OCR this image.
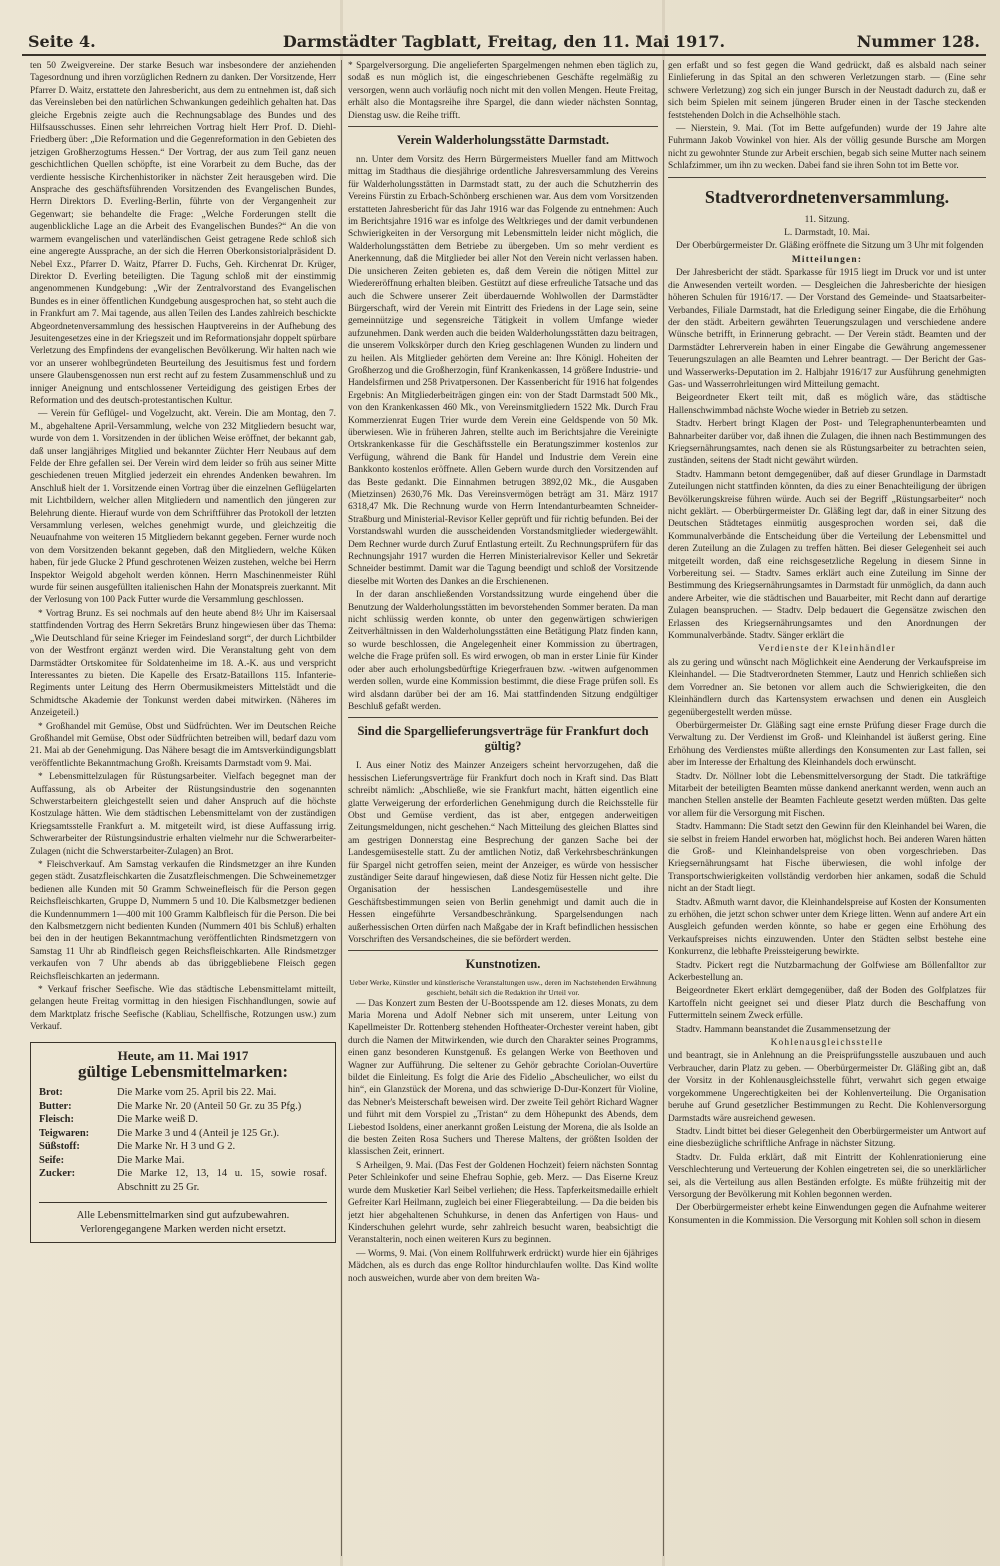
Seite 4.	Darmstädter Tagblatt, Freitag, den 11. Mai 1917.	Nummer 128.

ten 50 Zweigvereine. Der starke Besuch war insbesondere der anziehenden Tagesordnung und ihren vorzüglichen Rednern zu danken. Der Vorsitzende, Herr Pfarrer D. Waitz, erstattete den Jahresbericht, aus dem zu entnehmen ist, daß sich das Vereinsleben bei den natürlichen Schwankungen gedeihlich gehalten hat. Das gleiche Ergebnis zeigte auch die Rechnungsablage des Bundes und des Hilfsausschusses. Einen sehr lehrreichen Vortrag hielt Herr Prof. D. Diehl-Friedberg über: „Die Reformation und die Gegenreformation in den Gebieten des jetzigen Großherzogtums Hessen.“ Der Vortrag, der aus zum Teil ganz neuen geschichtlichen Quellen schöpfte, ist eine Vorarbeit zu dem Buche, das der verdiente hessische Kirchenhistoriker in nächster Zeit herausgeben wird. Die Ansprache des geschäftsführenden Vorsitzenden des Evangelischen Bundes, Herrn Direktors D. Everling-Berlin, führte von der Vergangenheit zur Gegenwart; sie behandelte die Frage: „Welche Forderungen stellt die augenblickliche Lage an die Arbeit des Evangelischen Bundes?“ An die von warmem evangelischen und vaterländischen Geist getragene Rede schloß sich eine angeregte Aussprache, an der sich die Herren Oberkonsistorialpräsident D. Nebel Exz., Pfarrer D. Waitz, Pfarrer D. Fuchs, Geh. Kirchenrat Dr. Krüger, Direktor D. Everling beteiligten. Die Tagung schloß mit der einstimmig angenommenen Kundgebung: „Wir der Zentralvorstand des Evangelischen Bundes es in einer öffentlichen Kundgebung ausgesprochen hat, so steht auch die in Frankfurt am 7. Mai tagende, aus allen Teilen des Landes zahlreich beschickte Abgeordnetenversammlung des hessischen Hauptvereins in der Aufhebung des Jesuitengesetzes eine in der Kriegszeit und im Reformationsjahr doppelt spürbare Verletzung des Empfindens der evangelischen Bevölkerung. Wir halten nach wie vor an unserer wohlbegründeten Beurteilung des Jesuitismus fest und fordern unsere Glaubensgenossen nun erst recht auf zu festem Zusammenschluß und zu inniger Aneignung und entschlossener Verteidigung des geistigen Erbes der Reformation und des deutsch-protestantischen Kultur.

— Verein für Geflügel- und Vogelzucht, akt. Verein. Die am Montag, den 7. M., abgehaltene April-Versammlung, welche von 232 Mitgliedern besucht war, wurde von dem 1. Vorsitzenden in der üblichen Weise eröffnet, der bekannt gab, daß unser langjähriges Mitglied und bekannter Züchter Herr Neubaus auf dem Felde der Ehre gefallen sei. Der Verein wird dem leider so früh aus seiner Mitte geschiedenen treuen Mitglied jederzeit ein ehrendes Andenken bewahren. Im Anschluß hielt der 1. Vorsitzende einen Vortrag über die einzelnen Geflügelarten mit Lichtbildern, welcher allen Mitgliedern und namentlich den jüngeren zur Belehrung diente. Hierauf wurde von dem Schriftführer das Protokoll der letzten Versammlung verlesen, welches genehmigt wurde, und gleichzeitig die Neuaufnahme von weiteren 15 Mitgliedern bekannt gegeben. Ferner wurde noch von dem Vorsitzenden bekannt gegeben, daß den Mitgliedern, welche Küken haben, für jede Glucke 2 Pfund geschrotenen Weizen zustehen, welche bei Herrn Inspektor Weigold abgeholt werden können. Herrn Maschinenmeister Rühl wurde für seinen ausgefüllten italienischen Hahn der Monatspreis zuerkannt. Mit der Verlosung von 100 Pack Futter wurde die Versammlung geschlossen.

* Vortrag Brunz. Es sei nochmals auf den heute abend 8½ Uhr im Kaisersaal stattfindenden Vortrag des Herrn Sekretärs Brunz hingewiesen über das Thema: „Wie Deutschland für seine Krieger im Feindesland sorgt“, der durch Lichtbilder von der Westfront ergänzt werden wird. Die Veranstaltung geht von dem Darmstädter Ortskomitee für Soldatenheime im 18. A.-K. aus und verspricht Interessantes zu bieten. Die Kapelle des Ersatz-Bataillons 115. Infanterie-Regiments unter Leitung des Herrn Obermusikmeisters Mittelstädt und die Schmidtsche Akademie der Tonkunst werden dabei mitwirken. (Näheres im Anzeigeteil.)

* Großhandel mit Gemüse, Obst und Südfrüchten. Wer im Deutschen Reiche Großhandel mit Gemüse, Obst oder Südfrüchten betreiben will, bedarf dazu vom 21. Mai ab der Genehmigung. Das Nähere besagt die im Amtsverkündigungsblatt veröffentlichte Bekanntmachung Großh. Kreisamts Darmstadt vom 9. Mai.

* Lebensmittelzulagen für Rüstungsarbeiter. Vielfach begegnet man der Auffassung, als ob Arbeiter der Rüstungsindustrie den sogenannten Schwerstarbeitern gleichgestellt seien und daher Anspruch auf die höchste Kostzulage hätten. Wie dem städtischen Lebensmittelamt von der zuständigen Kriegsamtsstelle Frankfurt a. M. mitgeteilt wird, ist diese Auffassung irrig. Schwerarbeiter der Rüstungsindustrie erhalten vielmehr nur die Schwerarbeiter-Zulagen (nicht die Schwerstarbeiter-Zulagen) an Brot.

* Fleischverkauf. Am Samstag verkaufen die Rindsmetzger an ihre Kunden gegen städt. Zusatzfleischkarten die Zusatzfleischmengen. Die Schweinemetzger bedienen alle Kunden mit 50 Gramm Schweinefleisch für die Person gegen Reichsfleischkarten, Gruppe D, Nummern 5 und 10. Die Kalbsmetzger bedienen die Kundennummern 1—400 mit 100 Gramm Kalbfleisch für die Person. Die bei den Kalbsmetzgern nicht bedienten Kunden (Nummern 401 bis Schluß) erhalten bei den in der heutigen Bekanntmachung veröffentlichten Rindsmetzgern von Samstag 11 Uhr ab Rindfleisch gegen Reichsfleischkarten. Alle Rindsmetzger verkaufen von 7 Uhr abends ab das übriggebliebene Fleisch gegen Reichsfleischkarten an jedermann.

* Verkauf frischer Seefische. Wie das städtische Lebensmittelamt mitteilt, gelangen heute Freitag vormittag in den hiesigen Fischhandlungen, sowie auf dem Marktplatz frische Seefische (Kabliau, Schellfische, Rotzungen usw.) zum Verkauf.

Heute, am 11. Mai 1917
gültige Lebensmittelmarken:
Brot:	Die Marke vom 25. April bis 22. Mai.
Butter:	Die Marke Nr. 20 (Anteil 50 Gr. zu 35 Pfg.)
Fleisch:	Die Marke weiß D.
Teigwaren:	Die Marke 3 und 4 (Anteil je 125 Gr.).
Süßstoff:	Die Marke Nr. H 3 und G 2.
Seife:	Die Marke Mai.
Zucker:	Die Marke 12, 13, 14 u. 15, sowie rosaf. Abschnitt zu 25 Gr.
Alle Lebensmittelmarken sind gut aufzubewahren. Verlorengegangene Marken werden nicht ersetzt.

* Spargelversorgung. Die angelieferten Spargelmengen nehmen eben täglich zu, sodaß es nun möglich ist, die eingeschriebenen Geschäfte regelmäßig zu versorgen, wenn auch vorläufig noch nicht mit den vollen Mengen. Heute Freitag, erhält also die Montagsreihe ihre Spargel, die dann wieder nächsten Sonntag, Dienstag usw. die Reihe trifft.

Verein Walderholungsstätte Darmstadt.

nn. Unter dem Vorsitz des Herrn Bürgermeisters Mueller fand am Mittwoch mittag im Stadthaus die diesjährige ordentliche Jahresversammlung des Vereins für Walderholungsstätten in Darmstadt statt, zu der auch die Schutzherrin des Vereins Fürstin zu Erbach-Schönberg erschienen war. Aus dem vom Vorsitzenden erstatteten Jahresbericht für das Jahr 1916 war das Folgende zu entnehmen: Auch im Berichtsjahre 1916 war es infolge des Weltkrieges und der damit verbundenen Schwierigkeiten in der Versorgung mit Lebensmitteln leider nicht möglich, die Walderholungsstätten dem Betriebe zu übergeben. Um so mehr verdient es Anerkennung, daß die Mitglieder bei aller Not den Verein nicht verlassen haben. Die unsicheren Zeiten gebieten es, daß dem Verein die nötigen Mittel zur Wiedereröffnung erhalten bleiben. Gestützt auf diese erfreuliche Tatsache und das auch die Schwere unserer Zeit überdauernde Wohlwollen der Darmstädter Bürgerschaft, wird der Verein mit Eintritt des Friedens in der Lage sein, seine gemeinnützige und segensreiche Tätigkeit in vollem Umfange wieder aufzunehmen. Dank werden auch die beiden Walderholungsstätten dazu beitragen, die unserem Volkskörper durch den Krieg geschlagenen Wunden zu lindern und zu heilen. Als Mitglieder gehörten dem Vereine an: Ihre Königl. Hoheiten der Großherzog und die Großherzogin, fünf Krankenkassen, 14 größere Industrie- und Handelsfirmen und 258 Privatpersonen. Der Kassenbericht für 1916 hat folgendes Ergebnis: An Mitgliederbeiträgen gingen ein: von der Stadt Darmstadt 500 Mk., von den Krankenkassen 460 Mk., von Vereinsmitgliedern 1522 Mk. Durch Frau Kommerzienrat Eugen Trier wurde dem Verein eine Geldspende von 50 Mk. überwiesen. Wie in früheren Jahren, stellte auch im Berichtsjahre die Vereinigte Ortskrankenkasse für die Geschäftsstelle ein Beratungszimmer kostenlos zur Verfügung, während die Bank für Handel und Industrie dem Verein eine Bankkonto kostenlos eröffnete. Allen Gebern wurde durch den Vorsitzenden auf das Beste gedankt. Die Einnahmen betrugen 3892,02 Mk., die Ausgaben (Mietzinsen) 2630,76 Mk. Das Vereinsvermögen beträgt am 31. März 1917 6318,47 Mk. Die Rechnung wurde von Herrn Intendanturbeamten Schneider-Straßburg und Ministerial-Revisor Keller geprüft und für richtig befunden. Bei der Vorstandswahl wurden die ausscheidenden Vorstandsmitglieder wiedergewählt. Dem Rechner wurde durch Zuruf Entlastung erteilt. Zu Rechnungsprüfern für das Rechnungsjahr 1917 wurden die Herren Ministerialrevisor Keller und Sekretär Schneider bestimmt. Damit war die Tagung beendigt und schloß der Vorsitzende dieselbe mit Worten des Dankes an die Erschienenen.

In der daran anschließenden Vorstandssitzung wurde eingehend über die Benutzung der Walderholungsstätten im bevorstehenden Sommer beraten. Da man nicht schlüssig werden konnte, ob unter den gegenwärtigen schwierigen Zeitverhältnissen in den Walderholungsstätten eine Betätigung Platz finden kann, so wurde beschlossen, die Angelegenheit einer Kommission zu übertragen, welche die Frage prüfen soll. Es wird erwogen, ob man in erster Linie für Kinder oder aber auch erholungsbedürftige Kriegerfrauen bzw. -witwen aufgenommen werden sollen, wurde eine Kommission bestimmt, die diese Frage prüfen soll. Es wird alsdann darüber bei der am 16. Mai stattfindenden Sitzung endgültiger Beschluß gefaßt werden.

Sind die Spargellieferungsverträge für Frankfurt doch gültig?

I. Aus einer Notiz des Mainzer Anzeigers scheint hervorzugehen, daß die hessischen Lieferungsverträge für Frankfurt doch noch in Kraft sind. Das Blatt schreibt nämlich: „Abschließe, wie sie Frankfurt macht, hätten eigentlich eine glatte Verweigerung der erforderlichen Genehmigung durch die Reichsstelle für Obst und Gemüse verdient, das ist aber, entgegen anderweitigen Zeitungsmeldungen, nicht geschehen.“ Nach Mitteilung des gleichen Blattes sind am gestrigen Donnerstag eine Besprechung der ganzen Sache bei der Landesgemüsestelle statt. Zu der amtlichen Notiz, daß Verkehrsbeschränkungen für Spargel nicht getroffen seien, meint der Anzeiger, es würde von hessischer zuständiger Seite darauf hingewiesen, daß diese Notiz für Hessen nicht gelte. Die Organisation der hessischen Landesgemüsestelle und ihre Geschäftsbestimmungen seien von Berlin genehmigt und damit auch die in Hessen eingeführte Versandbeschränkung. Spargelsendungen nach außerhessischen Orten dürfen nach Maßgabe der in Kraft befindlichen hessischen Vorschriften des Versandscheines, die sie befördert werden.

Kunstnotizen.
Ueber Werke, Künstler und künstlerische Veranstaltungen usw., deren im Nachstehenden Erwähnung geschieht, behält sich die Redaktion ihr Urteil vor.

— Das Konzert zum Besten der U-Bootsspende am 12. dieses Monats, zu dem Maria Morena und Adolf Nebner sich mit unserem, unter Leitung von Kapellmeister Dr. Rottenberg stehenden Hoftheater-Orchester vereint haben, gibt durch die Namen der Mitwirkenden, wie durch den Charakter seines Programms, einen ganz besonderen Kunstgenuß. Es gelangen Werke von Beethoven und Wagner zur Aufführung. Die seltener zu Gehör gebrachte Coriolan-Ouvertüre bildet die Einleitung. Es folgt die Arie des Fidelio „Abscheulicher, wo eilst du hin“, ein Glanzstück der Morena, und das schwierige D-Dur-Konzert für Violine, das Nebner's Meisterschaft beweisen wird. Der zweite Teil gehört Richard Wagner und führt mit dem Vorspiel zu „Tristan“ zu dem Höhepunkt des Abends, dem Liebestod Isoldens, einer anerkannt großen Leistung der Morena, die als Isolde an die besten Zeiten Rosa Suchers und Therese Maltens, der größten Isolden der klassischen Zeit, erinnert.

S Arheilgen, 9. Mai. (Das Fest der Goldenen Hochzeit) feiern nächsten Sonntag Peter Schleinkofer und seine Ehefrau Sophie, geb. Merz. — Das Eiserne Kreuz wurde dem Musketier Karl Seibel verliehen; die Hess. Tapferkeitsmedaille erhielt Gefreiter Karl Heilmann, zugleich bei einer Fliegerabteilung. — Da die beiden bis jetzt hier abgehaltenen Schuhkurse, in denen das Anfertigen von Haus- und Kinderschuhen gelehrt wurde, sehr zahlreich besucht waren, beabsichtigt die Veranstalterin, noch einen weiteren Kurs zu beginnen.

— Worms, 9. Mai. (Von einem Rollfuhrwerk erdrückt) wurde hier ein 6jähriges Mädchen, als es durch das enge Rolltor hindurchlaufen wollte. Das Kind wollte noch ausweichen, wurde aber von dem breiten Wa-

gen erfaßt und so fest gegen die Wand gedrückt, daß es alsbald nach seiner Einlieferung in das Spital an den schweren Verletzungen starb. — (Eine sehr schwere Verletzung) zog sich ein junger Bursch in der Neustadt dadurch zu, daß er sich beim Spielen mit seinem jüngeren Bruder einen in der Tasche steckenden feststehenden Dolch in die Achselhöhle stach.

— Nierstein, 9. Mai. (Tot im Bette aufgefunden) wurde der 19 Jahre alte Fuhrmann Jakob Vowinkel von hier. Als der völlig gesunde Bursche am Morgen nicht zu gewohnter Stunde zur Arbeit erschien, begab sich seine Mutter nach seinem Schlafzimmer, um ihn zu wecken. Dabei fand sie ihren Sohn tot im Bette vor.

Stadtverordnetenversammlung.

11. Sitzung.

L. Darmstadt, 10. Mai.

Der Oberbürgermeister Dr. Gläßing eröffnete die Sitzung um 3 Uhr mit folgenden

Mitteilungen:

Der Jahresbericht der städt. Sparkasse für 1915 liegt im Druck vor und ist unter die Anwesenden verteilt worden. — Desgleichen die Jahresberichte der hiesigen höheren Schulen für 1916/17. — Der Vorstand des Gemeinde- und Staatsarbeiter-Verbandes, Filiale Darmstadt, hat die Erledigung seiner Eingabe, die die Erhöhung der den städt. Arbeitern gewährten Teuerungszulagen und verschiedene andere Wünsche betrifft, in Erinnerung gebracht. — Der Verein städt. Beamten und der Darmstädter Lehrerverein haben in einer Eingabe die Gewährung angemessener Teuerungszulagen an alle Beamten und Lehrer beantragt. — Der Bericht der Gas- und Wasserwerks-Deputation im 2. Halbjahr 1916/17 zur Ausführung genehmigten Gas- und Wasserrohrleitungen wird Mitteilung gemacht.

Beigeordneter Ekert teilt mit, daß es möglich wäre, das städtische Hallenschwimmbad nächste Woche wieder in Betrieb zu setzen.

Stadtv. Herbert bringt Klagen der Post- und Telegraphenunterbeamten und Bahnarbeiter darüber vor, daß ihnen die Zulagen, die ihnen nach Bestimmungen des Kriegsernährungsamtes, nach denen sie als Rüstungsarbeiter zu betrachten seien, zuständen, seitens der Stadt nicht gewährt würden.

Stadtv. Hammann betont demgegenüber, daß auf dieser Grundlage in Darmstadt Zuteilungen nicht stattfinden könnten, da dies zu einer Benachteiligung der übrigen Bevölkerungskreise führen würde. Auch sei der Begriff „Rüstungsarbeiter“ noch nicht geklärt. — Oberbürgermeister Dr. Gläßing legt dar, daß in einer Sitzung des Deutschen Städtetages einmütig ausgesprochen worden sei, daß die Kommunalverbände die Entscheidung über die Verteilung der Lebensmittel und deren Zuteilung an die Zulagen zu treffen hätten. Bei dieser Gelegenheit sei auch mitgeteilt worden, daß eine reichsgesetzliche Regelung in diesem Sinne in Vorbereitung sei. — Stadtv. Sames erklärt auch eine Zuteilung im Sinne der Bestimmung des Kriegsernährungsamtes in Darmstadt für unmöglich, da dann auch andere Arbeiter, wie die städtischen und Bauarbeiter, mit Recht dann auf derartige Zulagen beanspruchen. — Stadtv. Delp bedauert die Gegensätze zwischen den Erlassen des Kriegsernährungsamtes und den Anordnungen der Kommunalverbände. Stadtv. Sänger erklärt die

Verdienste der Kleinhändler

als zu gering und wünscht nach Möglichkeit eine Aenderung der Verkaufspreise im Kleinhandel. — Die Stadtverordneten Stemmer, Lautz und Henrich schließen sich dem Vorredner an. Sie betonen vor allem auch die Schwierigkeiten, die den Kleinhändlern durch das Kartensystem erwachsen und denen ein Ausgleich gegenübergestellt werden müsse.

Oberbürgermeister Dr. Gläßing sagt eine ernste Prüfung dieser Frage durch die Verwaltung zu. Der Verdienst im Groß- und Kleinhandel ist äußerst gering. Eine Erhöhung des Verdienstes müßte allerdings den Konsumenten zur Last fallen, sei aber im Interesse der Erhaltung des Kleinhandels doch erwünscht.

Stadtv. Dr. Nöllner lobt die Lebensmittelversorgung der Stadt. Die tatkräftige Mitarbeit der beteiligten Beamten müsse dankend anerkannt werden, wenn auch an manchen Stellen anstelle der Beamten Fachleute gesetzt werden müßten. Das gelte vor allem für die Versorgung mit Fischen.

Stadtv. Hammann: Die Stadt setzt den Gewinn für den Kleinhandel bei Waren, die sie selbst in freiem Handel erworben hat, möglichst hoch. Bei anderen Waren hätten die Groß- und Kleinhandelspreise von oben vorgeschrieben. Das Kriegsernährungsamt hat Fische überwiesen, die wohl infolge der Transportschwierigkeiten vollständig verdorben hier ankamen, sodaß die Schuld nicht an der Stadt liegt.

Stadtv. Aßmuth warnt davor, die Kleinhandelspreise auf Kosten der Konsumenten zu erhöhen, die jetzt schon schwer unter dem Kriege litten. Wenn auf andere Art ein Ausgleich gefunden werden könnte, so habe er gegen eine Erhöhung des Verkaufspreises nichts einzuwenden. Unter den Städten selbst bestehe eine Konkurrenz, die lebhafte Preissteigerung bewirkte.

Stadtv. Pickert regt die Nutzbarmachung der Golfwiese am Böllenfalltor zur Ackerbestellung an.

Beigeordneter Ekert erklärt demgegenüber, daß der Boden des Golfplatzes für Kartoffeln nicht geeignet sei und dieser Platz durch die Beschaffung von Futtermitteln seinem Zweck erfülle.

Stadtv. Hammann beanstandet die Zusammensetzung der

Kohlenausgleichsstelle

und beantragt, sie in Anlehnung an die Preisprüfungsstelle auszubauen und auch Verbraucher, darin Platz zu geben. — Oberbürgermeister Dr. Gläßing gibt an, daß der Vorsitz in der Kohlenausgleichsstelle führt, verwahrt sich gegen etwaige vorgekommene Ungerechtigkeiten bei der Kohlenverteilung. Die Organisation beruhe auf Grund gesetzlicher Bestimmungen zu Recht. Die Kohlenversorgung Darmstadts wäre ausreichend gewesen.

Stadtv. Lindt bittet bei dieser Gelegenheit den Oberbürgermeister um Antwort auf eine diesbezügliche schriftliche Anfrage in nächster Sitzung.

Stadtv. Dr. Fulda erklärt, daß mit Eintritt der Kohlenrationierung eine Verschlechterung und Verteuerung der Kohlen eingetreten sei, die so unerklärlicher sei, als die Verteilung aus allen Beständen erfolgte. Es müßte frühzeitig mit der Versorgung der Bevölkerung mit Kohlen begonnen werden.

Der Oberbürgermeister erhebt keine Einwendungen gegen die Aufnahme weiterer Konsumenten in die Kommission. Die Versorgung mit Kohlen soll schon in diesem
